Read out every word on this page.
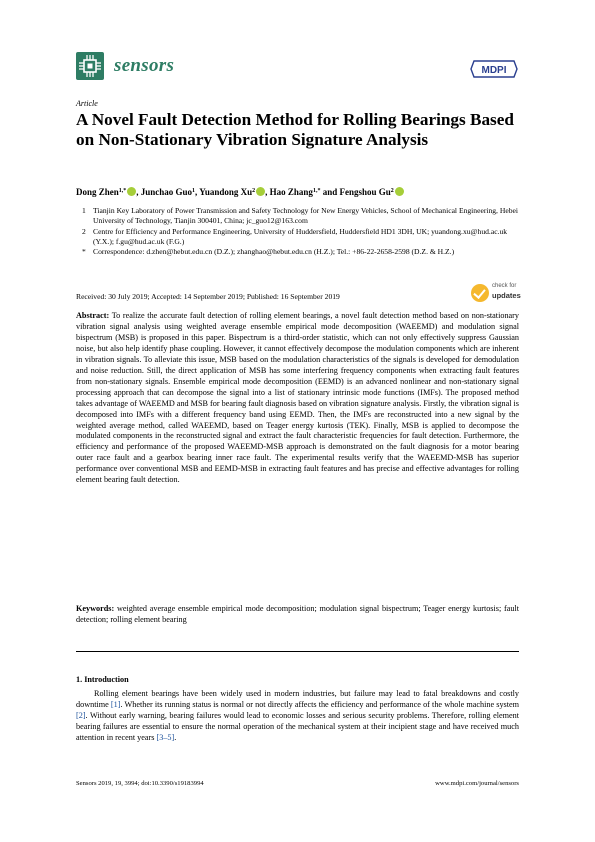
sensors	MDPI
Article
A Novel Fault Detection Method for Rolling Bearings Based on Non-Stationary Vibration Signature Analysis
Dong Zhen$^{1,*}$ , Junchao Guo$^1$, Yuandong Xu$^2$ , Hao Zhang$^{1,*}$ and Fengshou Gu$^2$
1 Tianjin Key Laboratory of Power Transmission and Safety Technology for New Energy Vehicles, School of Mechanical Engineering, Hebei University of Technology, Tianjin 300401, China; jc_guo12@163.com
2 Centre for Efficiency and Performance Engineering, University of Huddersfield, Huddersfield HD1 3DH, UK; yuandong.xu@hud.ac.uk (Y.X.); f.gu@hud.ac.uk (F.G.)
* Correspondence: d.zhen@hebut.edu.cn (D.Z.); zhanghao@hebut.edu.cn (H.Z.); Tel.: +86-22-2658-2598 (D.Z. & H.Z.)
Received: 30 July 2019; Accepted: 14 September 2019; Published: 16 September 2019
check for
updates
Abstract: To realize the accurate fault detection of rolling element bearings, a novel fault detection method based on non-stationary vibration signal analysis using weighted average ensemble empirical mode decomposition (WAEEMD) and modulation signal bispectrum (MSB) is proposed in this paper. Bispectrum is a third-order statistic, which can not only effectively suppress Gaussian noise, but also help identify phase coupling. However, it cannot effectively decompose the modulation components which are inherent in vibration signals. To alleviate this issue, MSB based on the modulation characteristics of the signals is developed for demodulation and noise reduction. Still, the direct application of MSB has some interfering frequency components when extracting fault features from non-stationary signals. Ensemble empirical mode decomposition (EEMD) is an advanced nonlinear and non-stationary signal processing approach that can decompose the signal into a list of stationary intrinsic mode functions (IMFs). The proposed method takes advantage of WAEEMD and MSB for bearing fault diagnosis based on vibration signature analysis. Firstly, the vibration signal is decomposed into IMFs with a different frequency band using EEMD. Then, the IMFs are reconstructed into a new signal by the weighted average method, called WAEEMD, based on Teager energy kurtosis (TEK). Finally, MSB is applied to decompose the modulated components in the reconstructed signal and extract the fault characteristic frequencies for fault detection. Furthermore, the efficiency and performance of the proposed WAEEMD-MSB approach is demonstrated on the fault diagnosis for a motor bearing outer race fault and a gearbox bearing inner race fault. The experimental results verify that the WAEEMD-MSB has superior performance over conventional MSB and EEMD-MSB in extracting fault features and has precise and effective advantages for rolling element bearing fault detection.
Keywords: weighted average ensemble empirical mode decomposition; modulation signal bispectrum; Teager energy kurtosis; fault detection; rolling element bearing
1. Introduction
Rolling element bearings have been widely used in modern industries, but failure may lead to fatal breakdowns and costly downtime [1]. Whether its running status is normal or not directly affects the efficiency and performance of the whole machine system [2]. Without early warning, bearing failures would lead to economic losses and serious security problems. Therefore, rolling element bearing failures are essential to ensure the normal operation of the mechanical system at their incipient stage and have received much attention in recent years [3–5].
Sensors 2019, 19, 3994; doi:10.3390/s19183994	www.mdpi.com/journal/sensors
